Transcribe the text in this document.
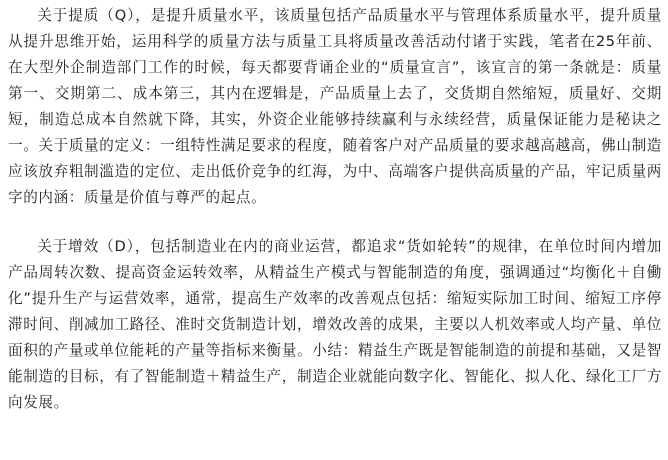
关于提质（Q），是提升质量水平，该质量包括产品质量水平与管理体系质量水平，提升质量从提升思维开始，运用科学的质量方法与质量工具将质量改善活动付诸于实践，笔者在25年前、在大型外企制造部门工作的时候，每天都要背诵企业的“质量宣言”，该宣言的第一条就是：质量第一、交期第二、成本第三，其内在逻辑是，产品质量上去了，交货期自然缩短，质量好、交期短，制造总成本自然就下降，其实，外资企业能够持续赢利与永续经营，质量保证能力是秘诀之一。关于质量的定义：一组特性满足要求的程度，随着客户对产品质量的要求越高越高，佛山制造应该放弃粗制滥造的定位、走出低价竞争的红海，为中、高端客户提供高质量的产品，牢记质量两字的内涵：质量是价值与尊严的起点。

关于增效（D），包括制造业在内的商业运营，都追求“货如轮转”的规律，在单位时间内增加产品周转次数、提高资金运转效率，从精益生产模式与智能制造的角度，强调通过“均衡化＋自働化”提升生产与运营效率，通常，提高生产效率的改善观点包括：缩短实际加工时间、缩短工序停滞时间、削减加工路径、准时交货制造计划，增效改善的成果，主要以人机效率或人均产量、单位面积的产量或单位能耗的产量等指标来衡量。小结：精益生产既是智能制造的前提和基础，又是智能制造的目标，有了智能制造＋精益生产，制造企业就能向数字化、智能化、拟人化、绿化工厂方向发展。
